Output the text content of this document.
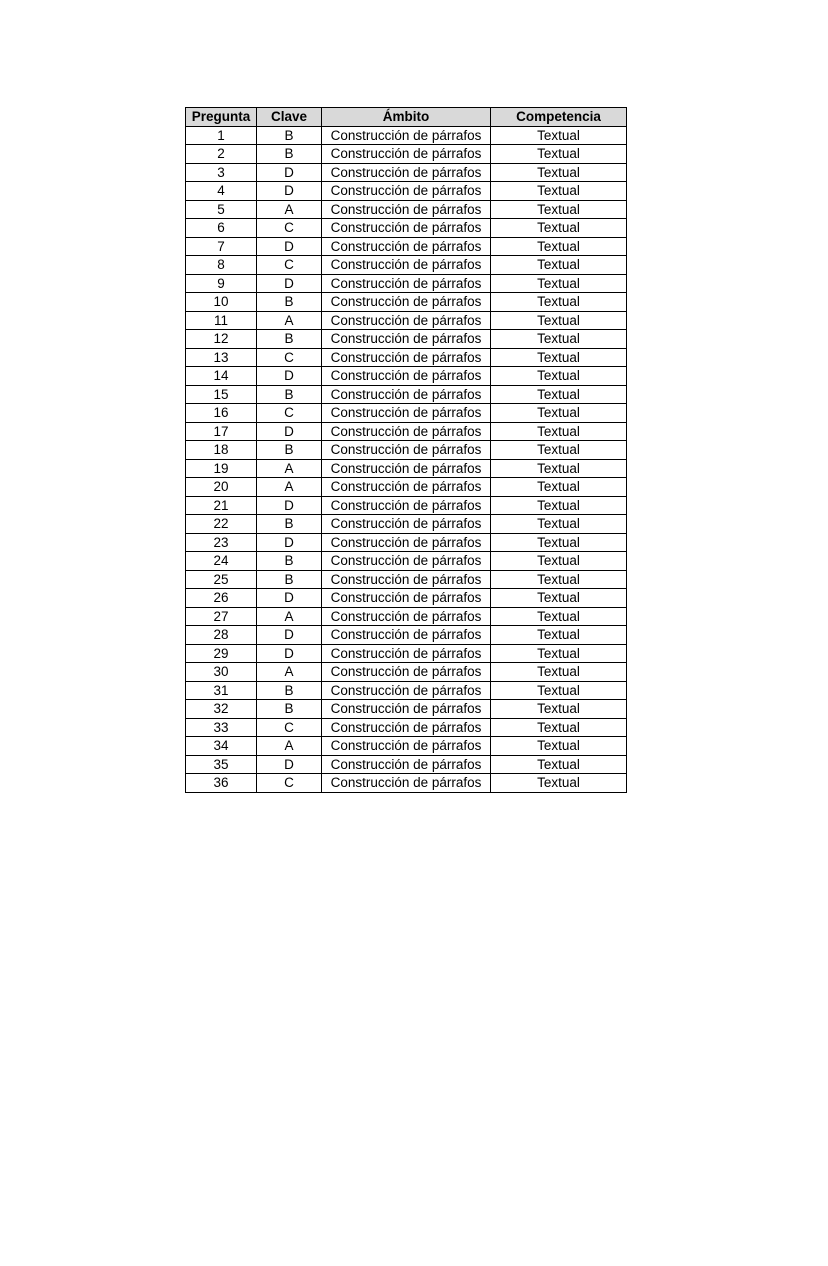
Pregunta	Clave	Ámbito	Competencia
1	B	Construcción de párrafos	Textual
2	B	Construcción de párrafos	Textual
3	D	Construcción de párrafos	Textual
4	D	Construcción de párrafos	Textual
5	A	Construcción de párrafos	Textual
6	C	Construcción de párrafos	Textual
7	D	Construcción de párrafos	Textual
8	C	Construcción de párrafos	Textual
9	D	Construcción de párrafos	Textual
10	B	Construcción de párrafos	Textual
11	A	Construcción de párrafos	Textual
12	B	Construcción de párrafos	Textual
13	C	Construcción de párrafos	Textual
14	D	Construcción de párrafos	Textual
15	B	Construcción de párrafos	Textual
16	C	Construcción de párrafos	Textual
17	D	Construcción de párrafos	Textual
18	B	Construcción de párrafos	Textual
19	A	Construcción de párrafos	Textual
20	A	Construcción de párrafos	Textual
21	D	Construcción de párrafos	Textual
22	B	Construcción de párrafos	Textual
23	D	Construcción de párrafos	Textual
24	B	Construcción de párrafos	Textual
25	B	Construcción de párrafos	Textual
26	D	Construcción de párrafos	Textual
27	A	Construcción de párrafos	Textual
28	D	Construcción de párrafos	Textual
29	D	Construcción de párrafos	Textual
30	A	Construcción de párrafos	Textual
31	B	Construcción de párrafos	Textual
32	B	Construcción de párrafos	Textual
33	C	Construcción de párrafos	Textual
34	A	Construcción de párrafos	Textual
35	D	Construcción de párrafos	Textual
36	C	Construcción de párrafos	Textual
